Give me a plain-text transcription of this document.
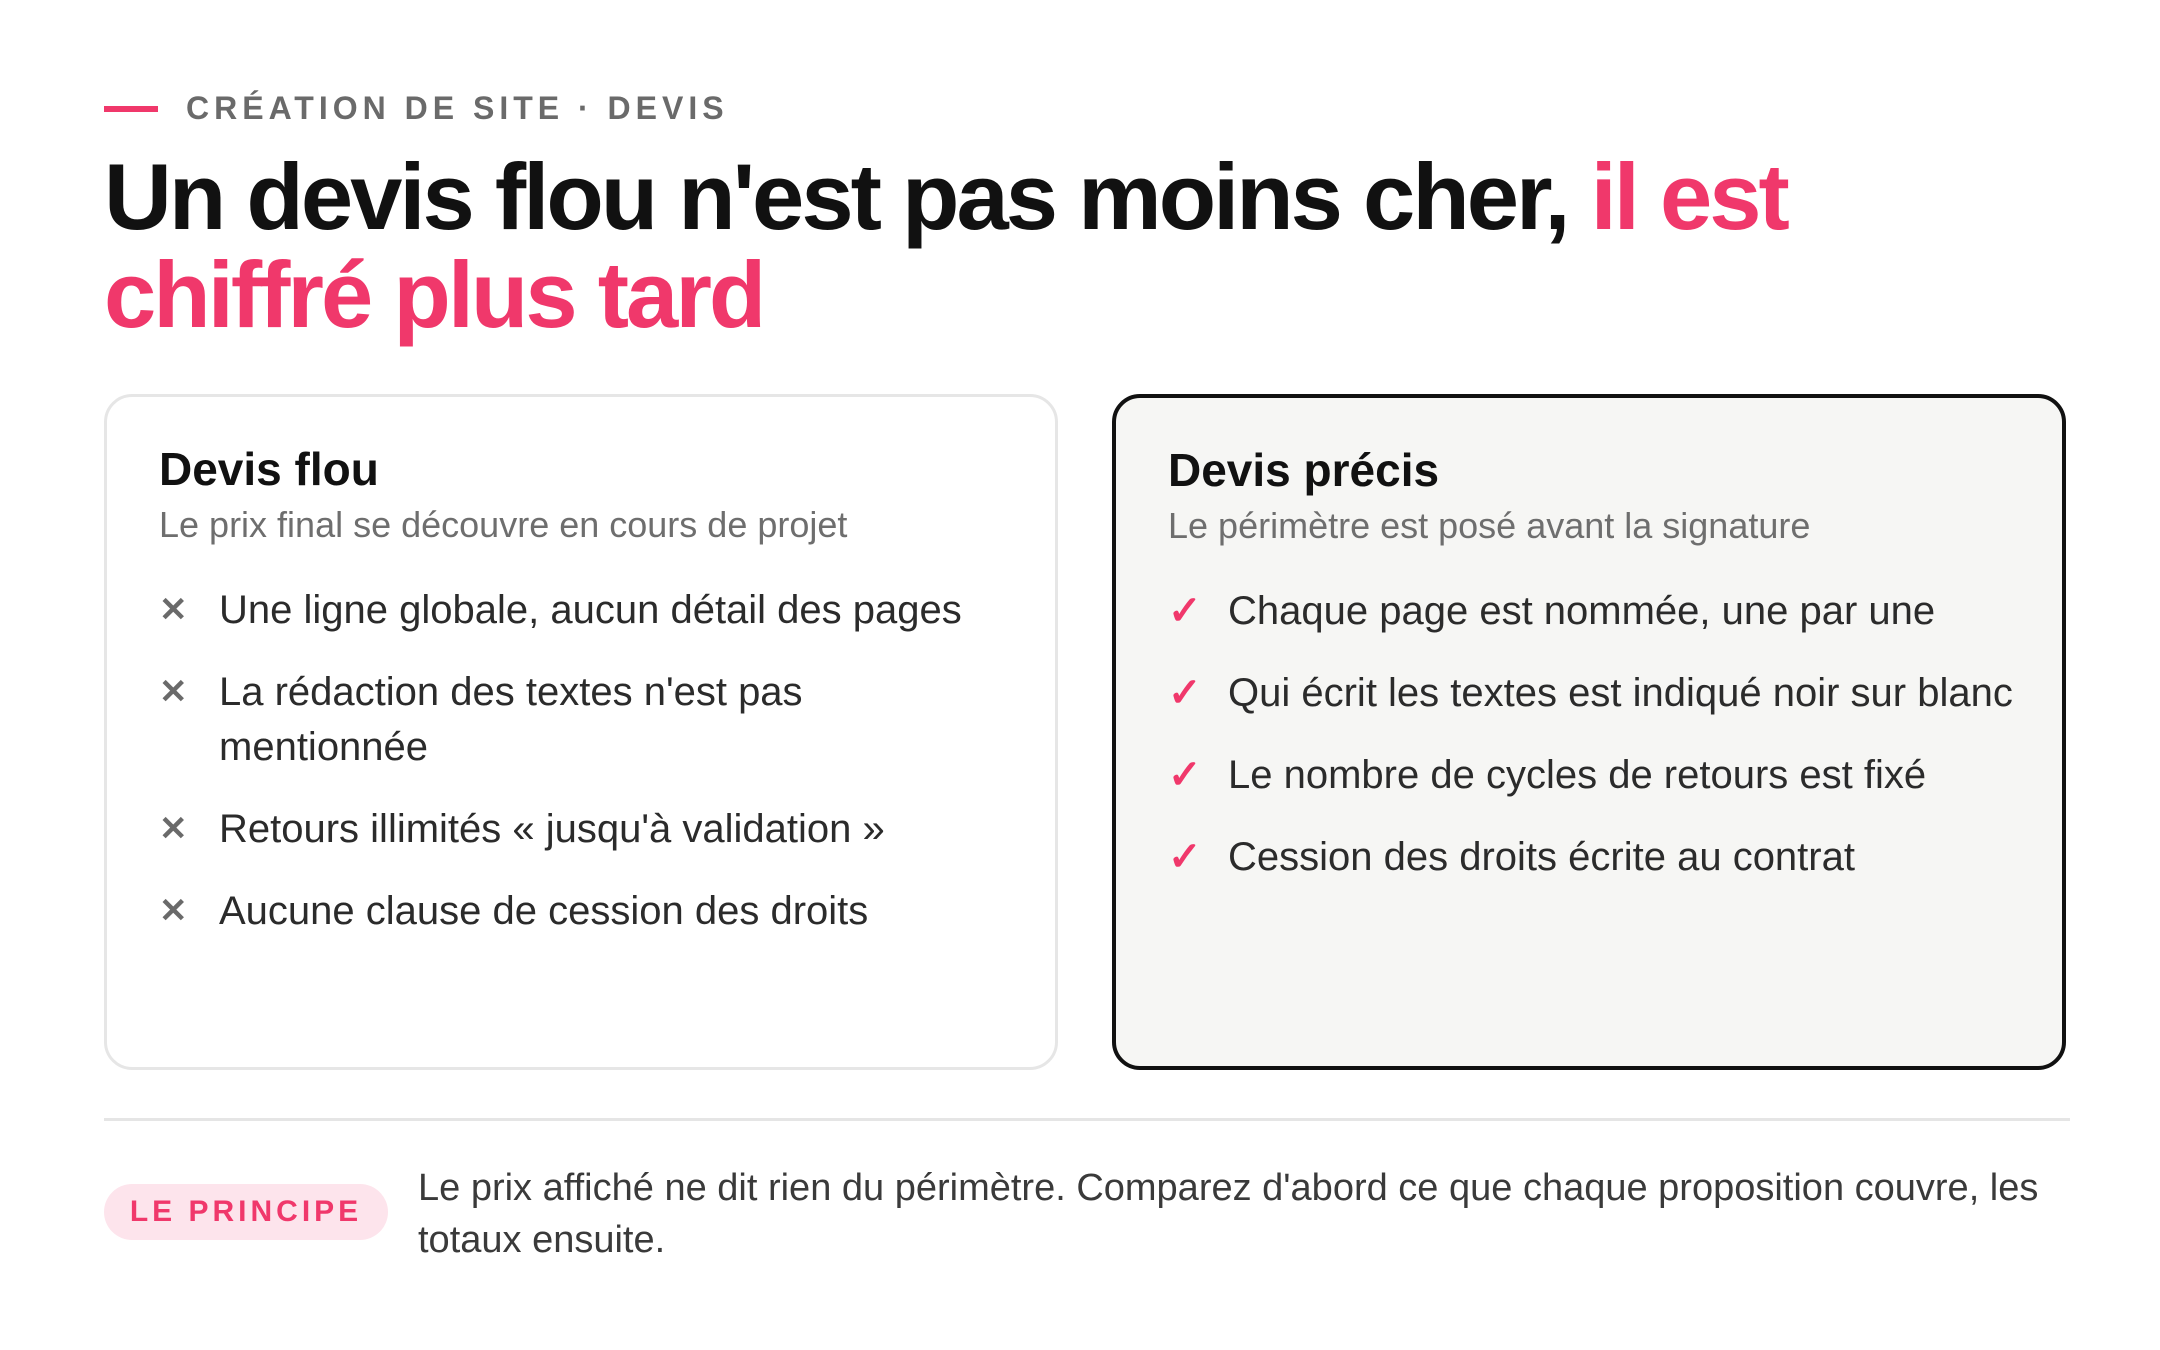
CRÉATION DE SITE · DEVIS
Un devis flou n'est pas moins cher, il est chiffré plus tard
Devis flou
Le prix final se découvre en cours de projet
✕ Une ligne globale, aucun détail des pages
✕ La rédaction des textes n'est pas mentionnée
✕ Retours illimités « jusqu'à validation »
✕ Aucune clause de cession des droits
Devis précis
Le périmètre est posé avant la signature
✓ Chaque page est nommée, une par une
✓ Qui écrit les textes est indiqué noir sur blanc
✓ Le nombre de cycles de retours est fixé
✓ Cession des droits écrite au contrat
LE PRINCIPE
Le prix affiché ne dit rien du périmètre. Comparez d'abord ce que chaque proposition couvre, les totaux ensuite.
